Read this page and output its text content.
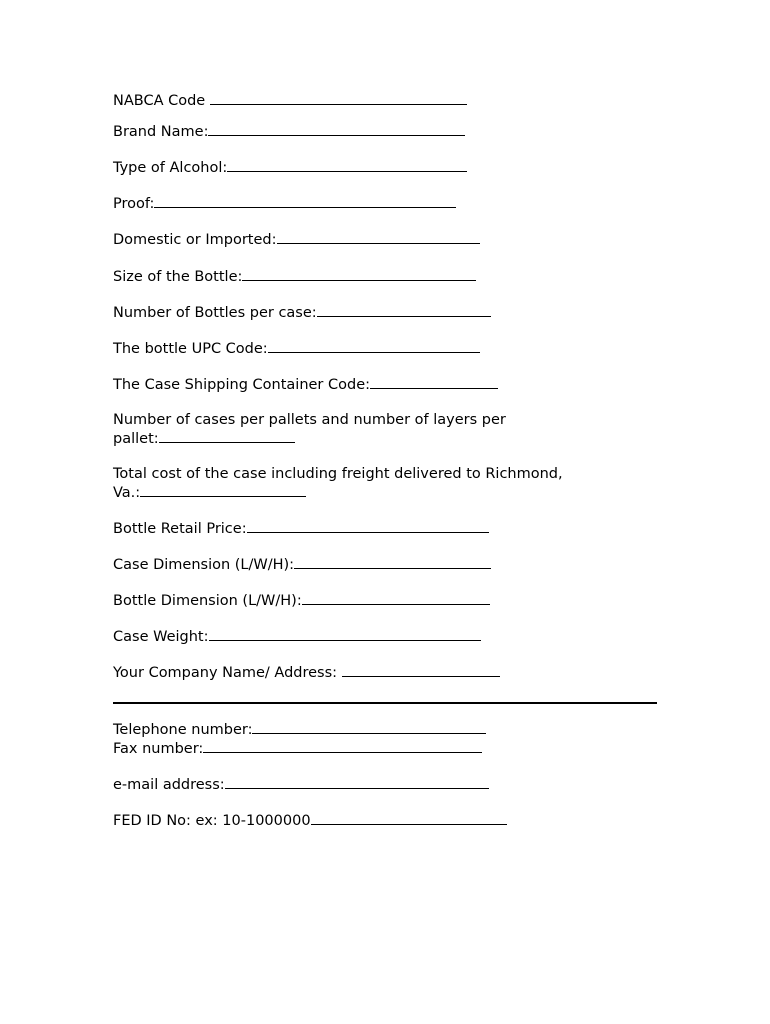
NABCA Code
Brand Name:
Type of Alcohol:
Proof:
Domestic or Imported:
Size of the Bottle:
Number of Bottles per case:
The bottle UPC Code:
The Case Shipping Container Code:
Number of cases per pallets and number of layers per
pallet:
Total cost of the case including freight delivered to Richmond,
Va.:
Bottle Retail Price:
Case Dimension (L/W/H):
Bottle Dimension (L/W/H):
Case Weight:
Your Company Name/ Address:
Telephone number:
Fax number:
e-mail address:
FED ID No: ex: 10-1000000
